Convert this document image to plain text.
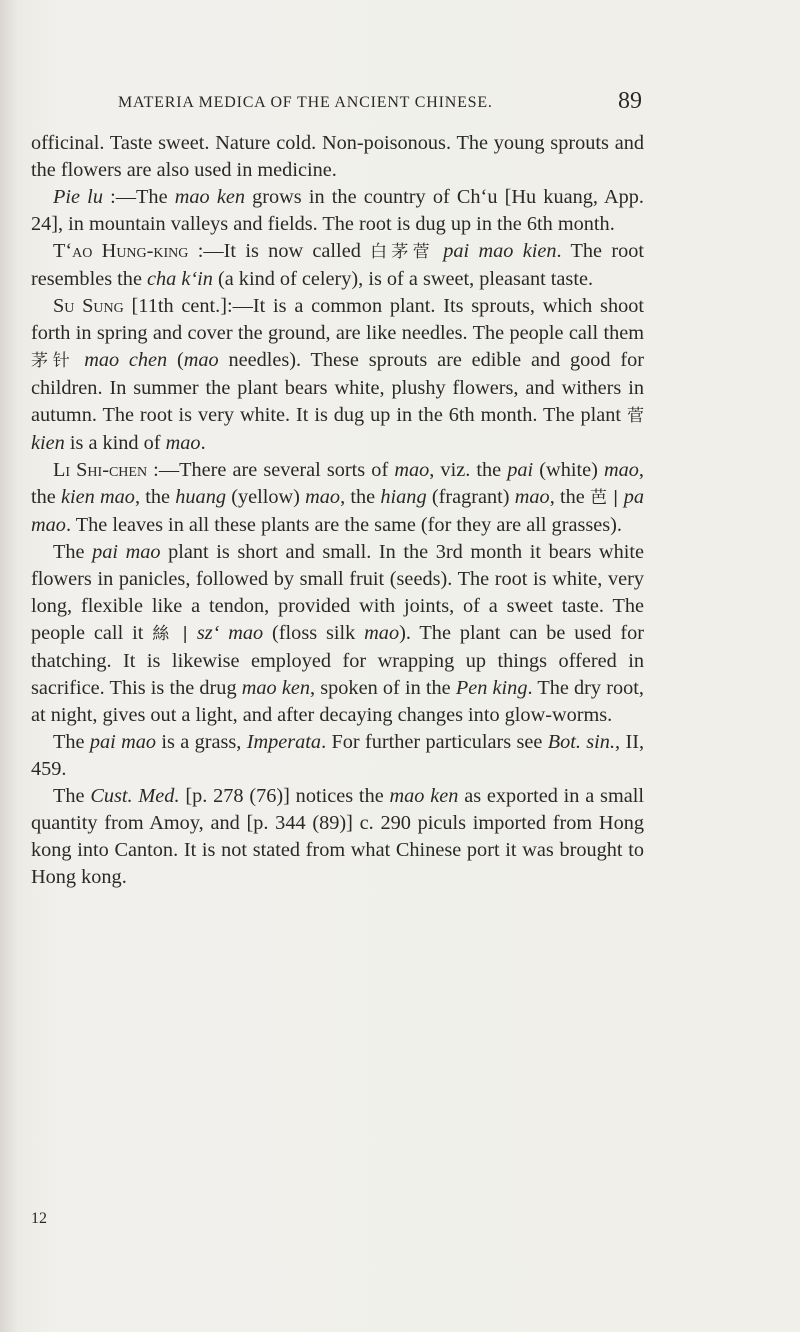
MATERIA MEDICA OF THE ANCIENT CHINESE.	89

officinal. Taste sweet. Nature cold. Non-poisonous. The young sprouts and the flowers are also used in medicine.

Pie lu :—The mao ken grows in the country of Ch‘u [Hu kuang, App. 24], in mountain valleys and fields. The root is dug up in the 6th month.

T‘ao Hung-king :—It is now called 白茅菅 pai mao kien. The root resembles the cha k‘in (a kind of celery), is of a sweet, pleasant taste.

Su Sung [11th cent.]:—It is a common plant. Its sprouts, which shoot forth in spring and cover the ground, are like needles. The people call them 茅针 mao chen (mao needles). These sprouts are edible and good for children. In summer the plant bears white, plushy flowers, and withers in autumn. The root is very white. It is dug up in the 6th month. The plant 菅 kien is a kind of mao.

Li Shi-chen :—There are several sorts of mao, viz. the pai (white) mao, the kien mao, the huang (yellow) mao, the hiang (fragrant) mao, the 芭 | pa mao. The leaves in all these plants are the same (for they are all grasses).

The pai mao plant is short and small. In the 3rd month it bears white flowers in panicles, followed by small fruit (seeds). The root is white, very long, flexible like a tendon, provided with joints, of a sweet taste. The people call it 絲 | sz‘ mao (floss silk mao). The plant can be used for thatching. It is likewise employed for wrapping up things offered in sacrifice. This is the drug mao ken, spoken of in the Pen king. The dry root, at night, gives out a light, and after decaying changes into glow-worms.

The pai mao is a grass, Imperata. For further particulars see Bot. sin., II, 459.

The Cust. Med. [p. 278 (76)] notices the mao ken as exported in a small quantity from Amoy, and [p. 344 (89)] c. 290 piculs imported from Hong kong into Canton. It is not stated from what Chinese port it was brought to Hong kong.

12
